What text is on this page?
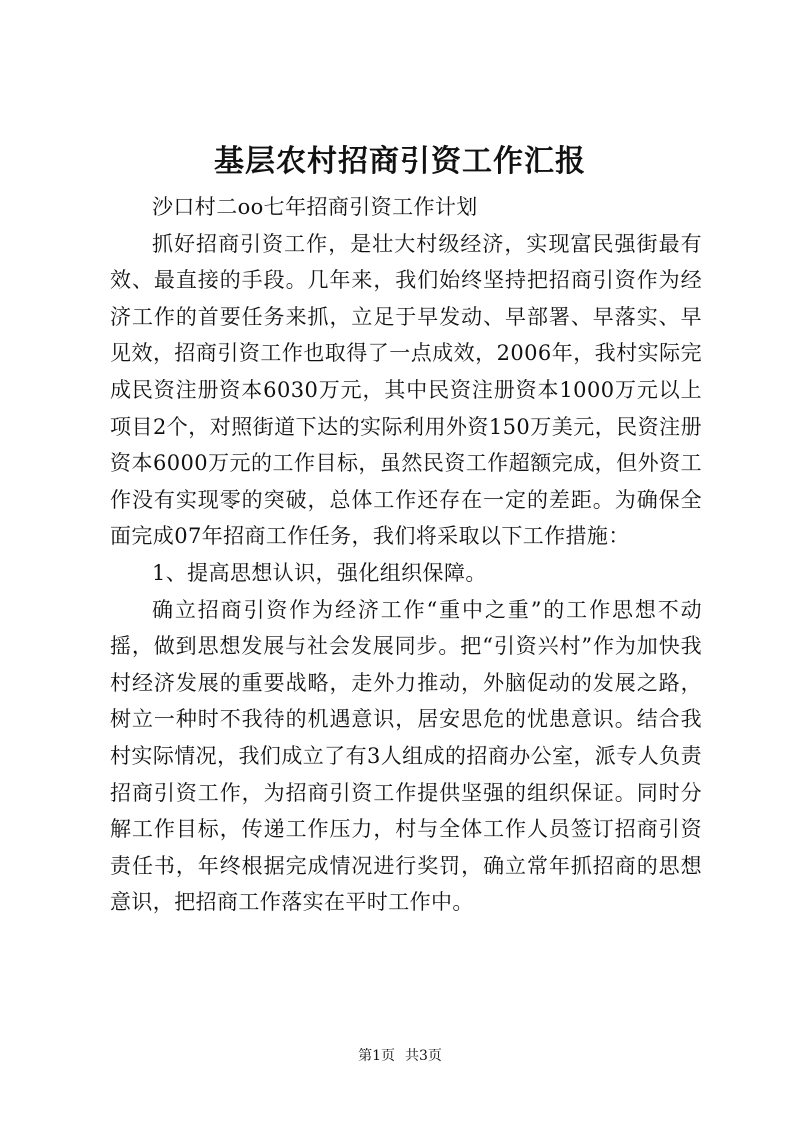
基层农村招商引资工作汇报

沙口村二oo七年招商引资工作计划

抓好招商引资工作，是壮大村级经济，实现富民强街最有效、最直接的手段。几年来，我们始终坚持把招商引资作为经济工作的首要任务来抓，立足于早发动、早部署、早落实、早见效，招商引资工作也取得了一点成效，2006年，我村实际完成民资注册资本6030万元，其中民资注册资本1000万元以上项目2个，对照街道下达的实际利用外资150万美元，民资注册资本6000万元的工作目标，虽然民资工作超额完成，但外资工作没有实现零的突破，总体工作还存在一定的差距。为确保全面完成07年招商工作任务，我们将采取以下工作措施：

1、提高思想认识，强化组织保障。

确立招商引资作为经济工作“重中之重”的工作思想不动摇，做到思想发展与社会发展同步。把“引资兴村”作为加快我村经济发展的重要战略，走外力推动，外脑促动的发展之路，树立一种时不我待的机遇意识，居安思危的忧患意识。结合我村实际情况，我们成立了有3人组成的招商办公室，派专人负责招商引资工作，为招商引资工作提供坚强的组织保证。同时分解工作目标，传递工作压力，村与全体工作人员签订招商引资责任书，年终根据完成情况进行奖罚，确立常年抓招商的思想意识，把招商工作落实在平时工作中。

第1页 共3页
